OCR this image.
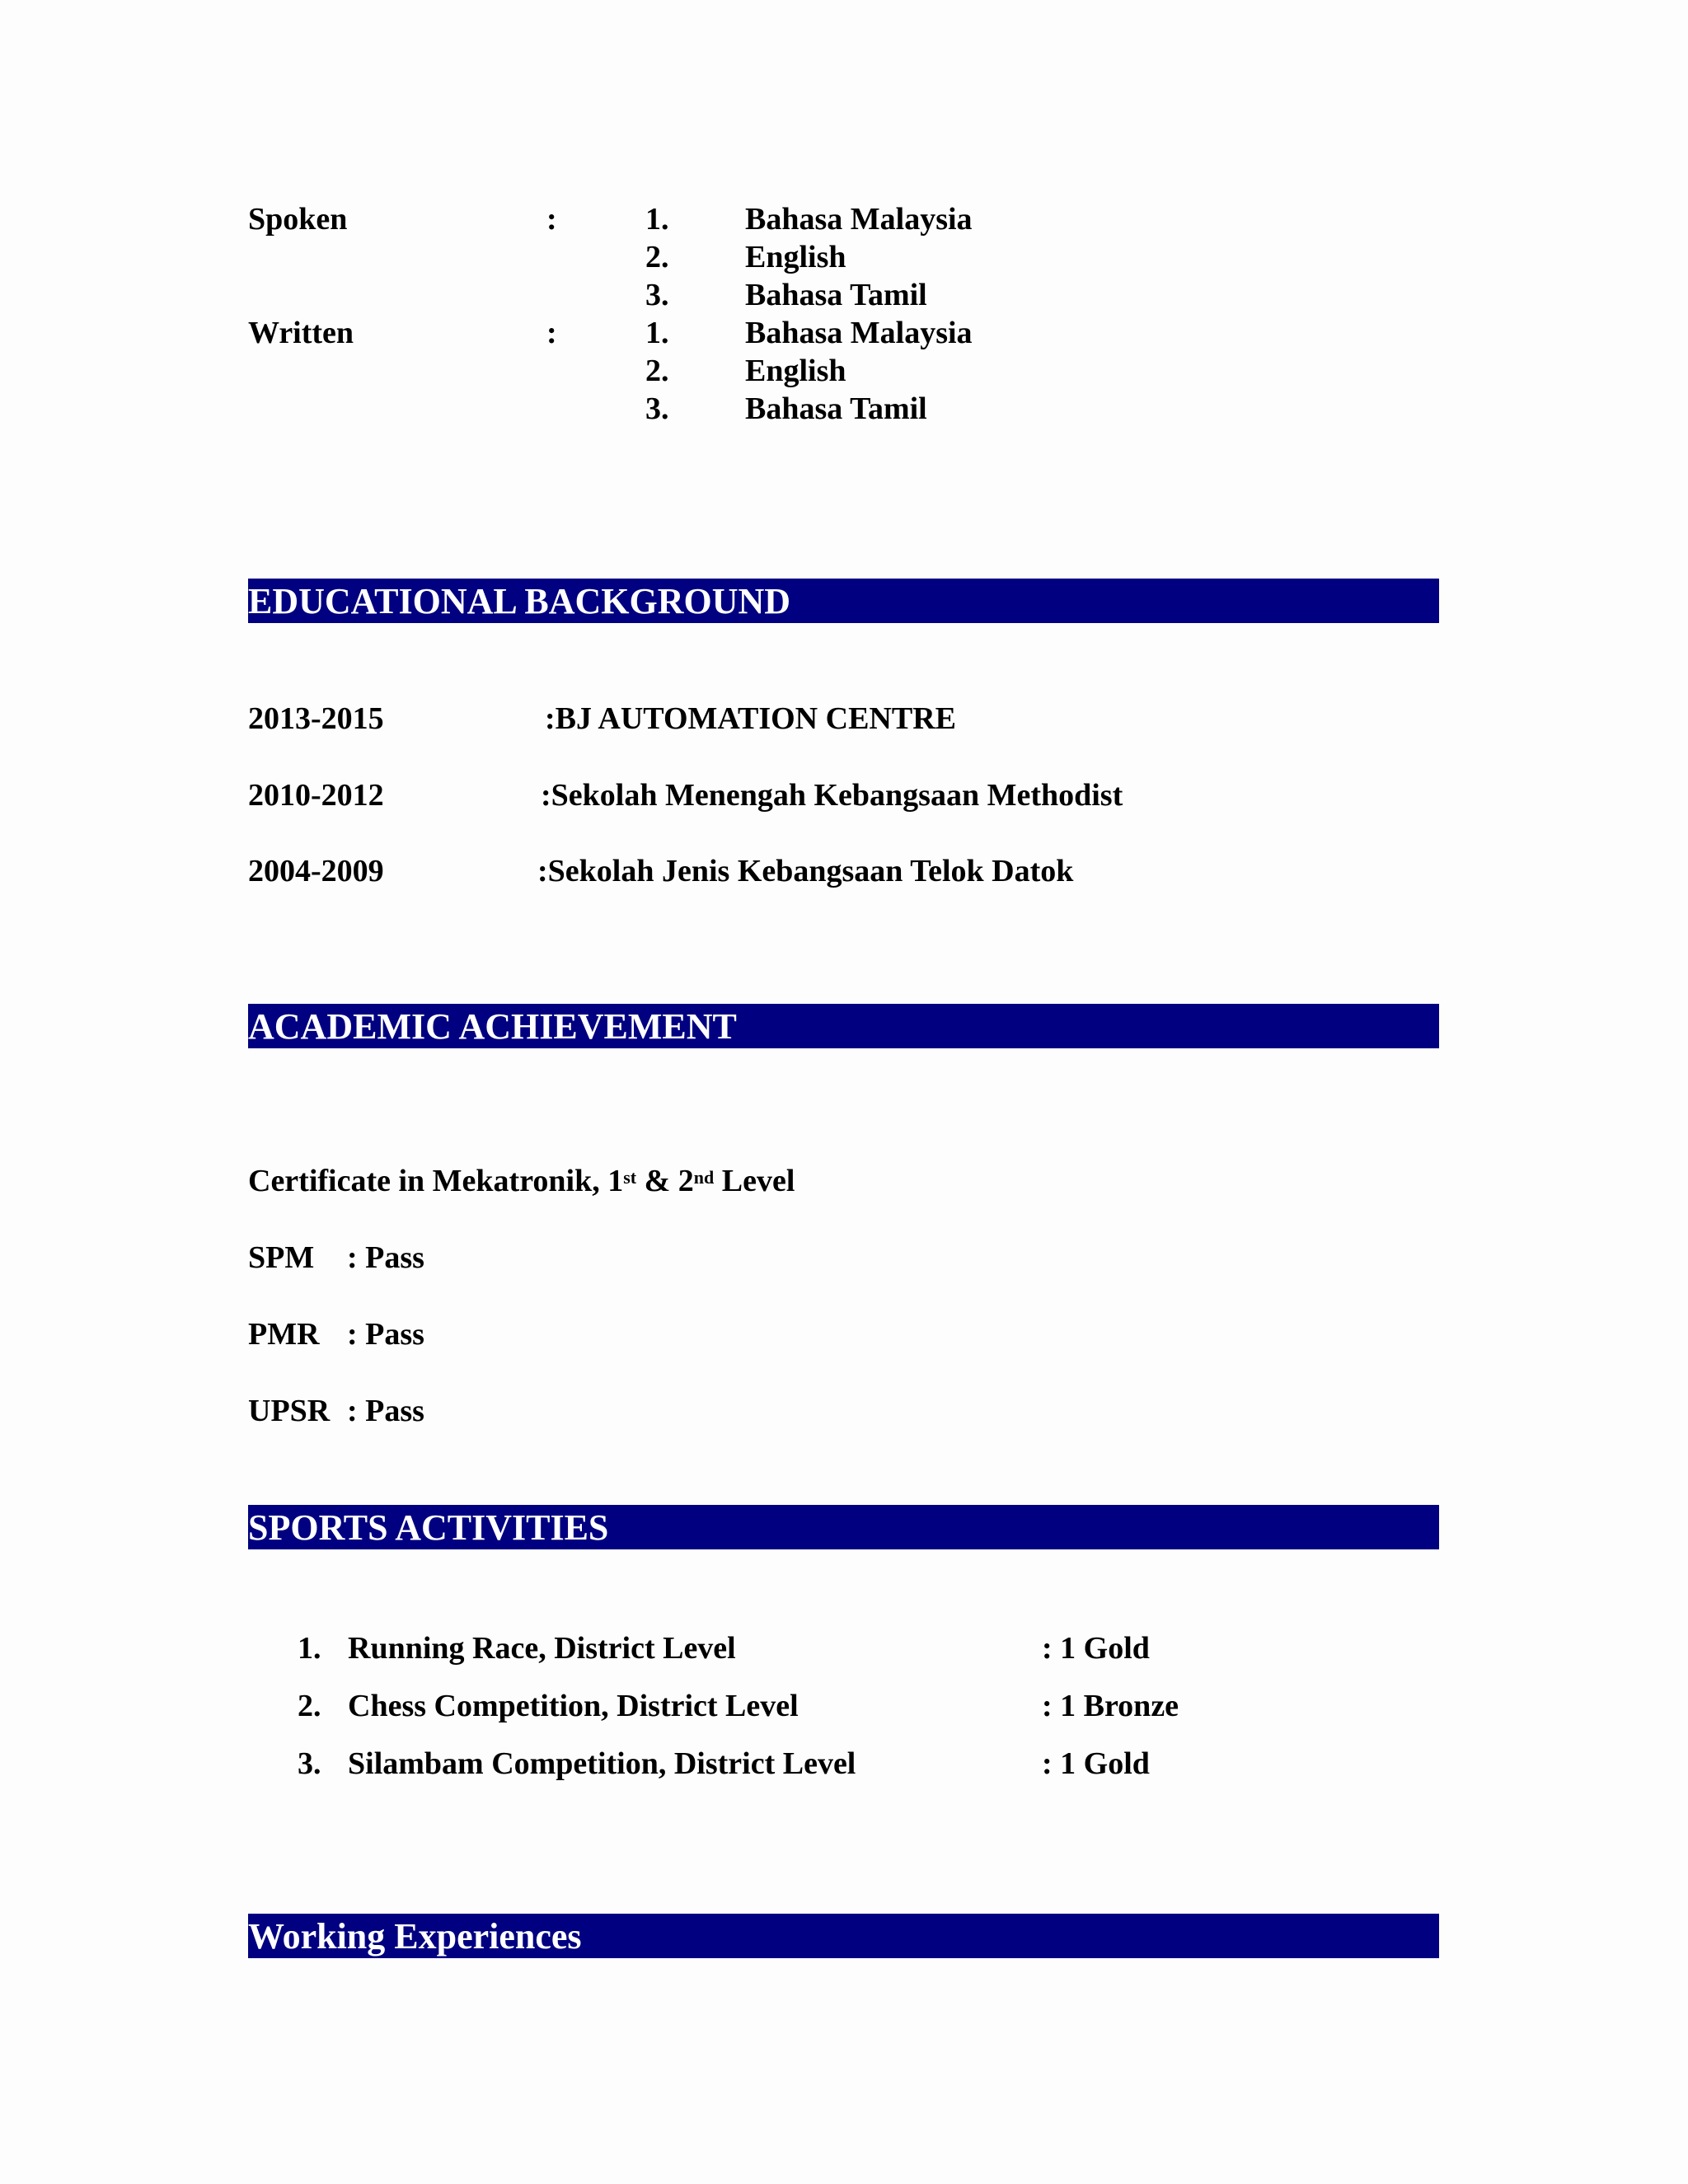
Spoken	:	1. Bahasa Malaysia
2. English
3. Bahasa Tamil
Written	:	1. Bahasa Malaysia
2. English
3. Bahasa Tamil
EDUCATIONAL BACKGROUND
2013-2015	:BJ AUTOMATION CENTRE
2010-2012	:Sekolah Menengah Kebangsaan Methodist
2004-2009	:Sekolah Jenis Kebangsaan Telok Datok
ACADEMIC ACHIEVEMENT
Certificate in Mekatronik, 1st & 2nd Level
SPM : Pass
PMR : Pass
UPSR : Pass
SPORTS ACTIVITIES
1. Running Race, District Level	: 1 Gold
2. Chess Competition, District Level	: 1 Bronze
3. Silambam Competition, District Level	: 1 Gold
Working Experiences
